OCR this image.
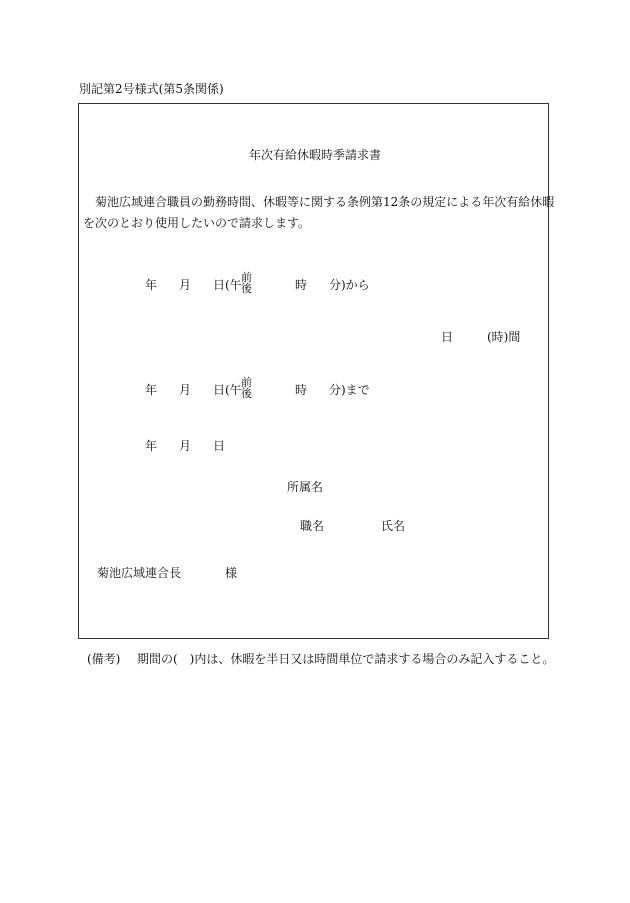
別記第2号様式(第5条関係)
年次有給休暇時季請求書
菊池広域連合職員の勤務時間、休暇等に関する条例第12条の規定による年次有給休暇
を次のとおり使用したいので請求します。
年 月 日(午
前
後	時 分)から
日	(時)間
年 月 日(午
前
後	時 分)まで
年 月 日
所属名
職名	氏名
菊池広域連合長	様
(備考) 期間の(　)内は、休暇を半日又は時間単位で請求する場合のみ記入すること。
